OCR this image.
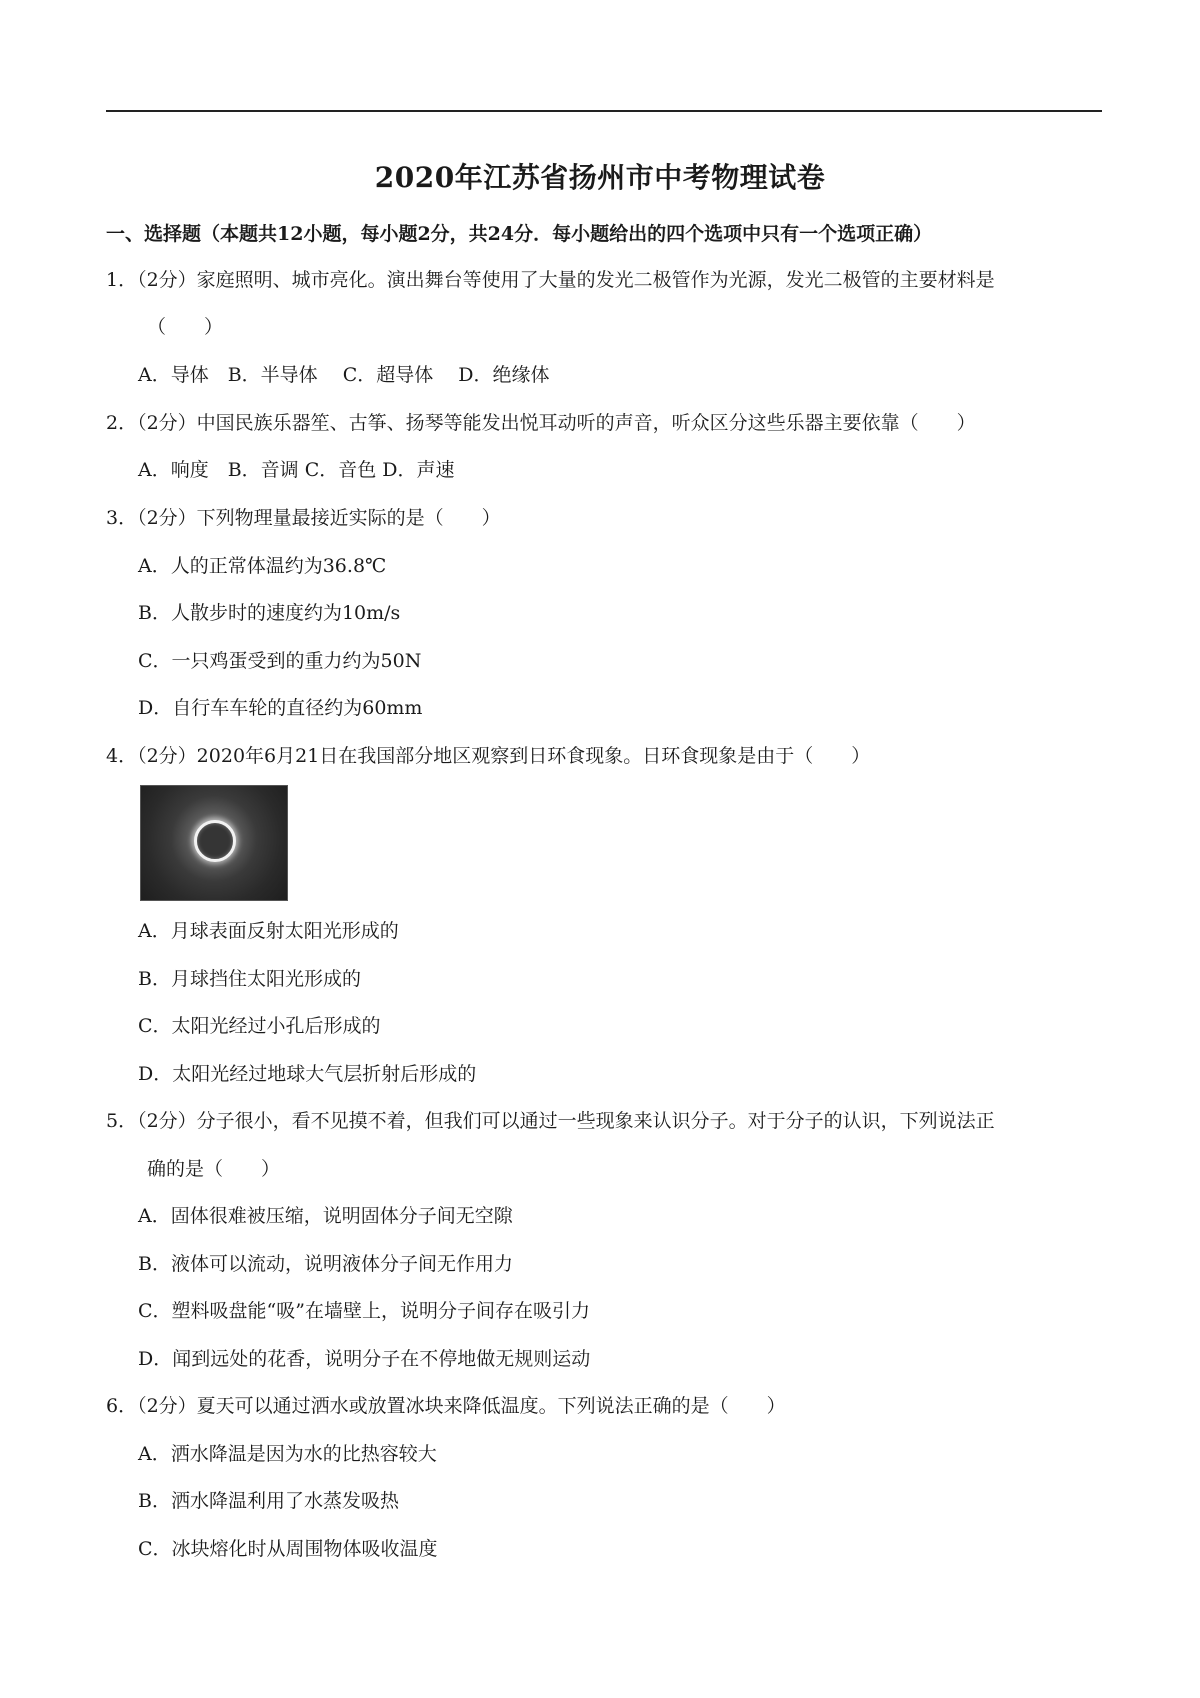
2020年江苏省扬州市中考物理试卷
一、选择题（本题共12小题，每小题2分，共24分．每小题给出的四个选项中只有一个选项正确）
1．（2分）家庭照明、城市亮化。演出舞台等使用了大量的发光二极管作为光源，发光二极管的主要材料是
（　　）
A．导体　B．半导体　 C．超导体　 D．绝缘体
2．（2分）中国民族乐器笙、古筝、扬琴等能发出悦耳动听的声音，听众区分这些乐器主要依靠（　　）
A．响度　B．音调 C．音色 D．声速
3．（2分）下列物理量最接近实际的是（　　）
A．人的正常体温约为36.8℃
B．人散步时的速度约为10m/s
C．一只鸡蛋受到的重力约为50N
D．自行车车轮的直径约为60mm
4．（2分）2020年6月21日在我国部分地区观察到日环食现象。日环食现象是由于（　　）
A．月球表面反射太阳光形成的
B．月球挡住太阳光形成的
C．太阳光经过小孔后形成的
D．太阳光经过地球大气层折射后形成的
5．（2分）分子很小，看不见摸不着，但我们可以通过一些现象来认识分子。对于分子的认识，下列说法正
确的是（　　）
A．固体很难被压缩，说明固体分子间无空隙
B．液体可以流动，说明液体分子间无作用力
C．塑料吸盘能“吸”在墙壁上，说明分子间存在吸引力
D．闻到远处的花香，说明分子在不停地做无规则运动
6．（2分）夏天可以通过洒水或放置冰块来降低温度。下列说法正确的是（　　）
A．洒水降温是因为水的比热容较大
B．洒水降温利用了水蒸发吸热
C．冰块熔化时从周围物体吸收温度
